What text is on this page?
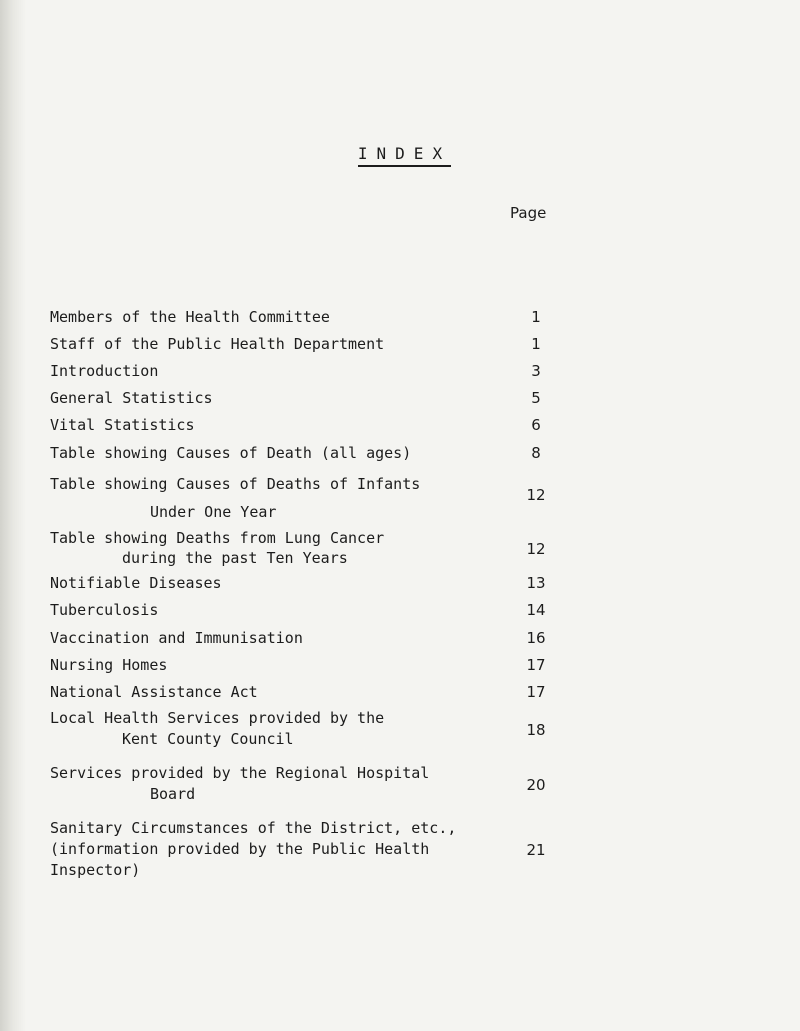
INDEX
Page
Members of the Health Committee	1
Staff of the Public Health Department	1
Introduction	3
General Statistics	5
Vital Statistics	6
Table showing Causes of Death (all ages)	8
Table showing Causes of Deaths of Infants
Under One Year
12
Table showing Deaths from Lung Cancer
during the past Ten Years	12
Notifiable Diseases	13
Tuberculosis	14
Vaccination and Immunisation	16
Nursing Homes	17
National Assistance Act	17
Local Health Services provided by the
Kent County Council	18
Services provided by the Regional Hospital
Board	20
Sanitary Circumstances of the District, etc.,
(information provided by the Public Health
Inspector)
21
